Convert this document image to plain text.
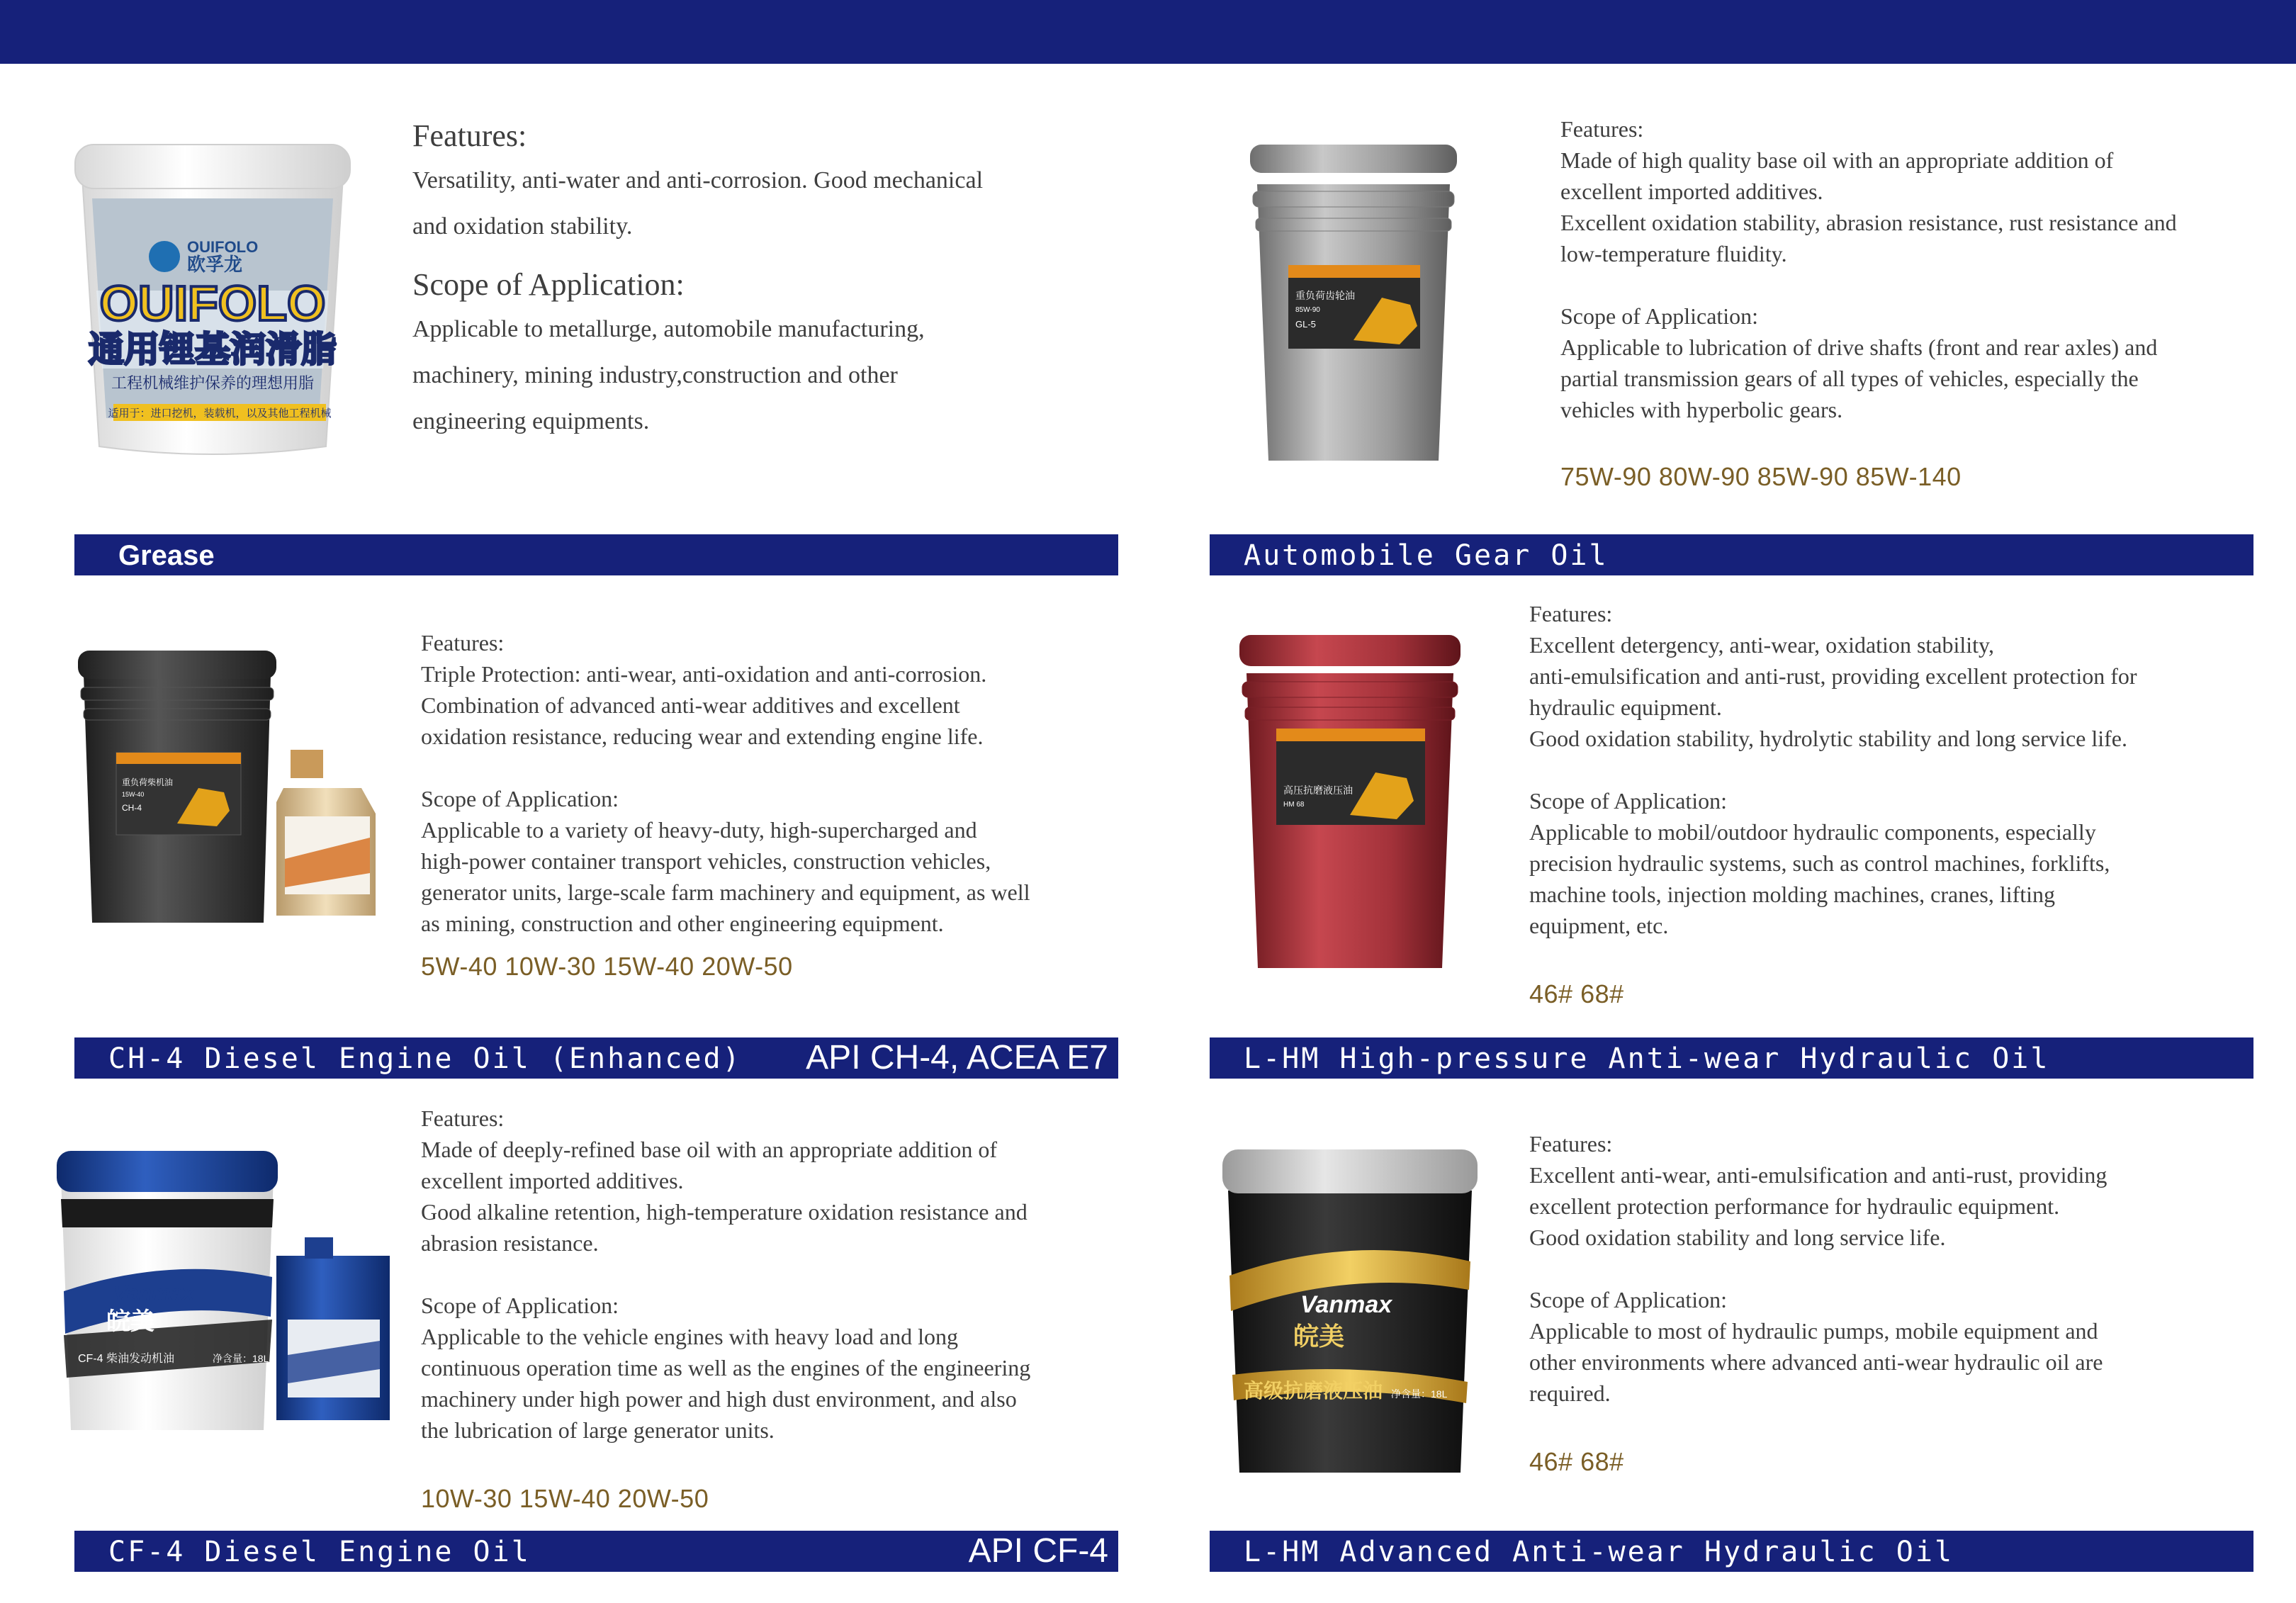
OUIFOLO
欧孚龙
OUIFOLO
通用锂基润滑脂
工程机械维护保养的理想用脂
适用于：进口挖机，装载机，以及其他工程机械

Features:

Versatility, anti-water and anti-corrosion. Good mechanical

and oxidation stability.

Scope of Application:

Applicable to metallurge, automobile manufacturing,

machinery, mining industry,construction and other

engineering equipments.

Grease
重负荷齿轮油
85W-90
GL-5

Features:

Made of high quality base oil with an appropriate addition of

excellent imported additives.

Excellent oxidation stability, abrasion resistance, rust resistance and

low-temperature fluidity.

Scope of Application:

Applicable to lubrication of drive shafts (front and rear axles) and

partial transmission gears of all types of vehicles, especially the

vehicles with hyperbolic gears.

75W-90 80W-90 85W-90 85W-140
Automobile Gear Oil
重负荷柴机油
15W-40
CH-4

Features:

Triple Protection: anti-wear, anti-oxidation and anti-corrosion.

Combination of advanced anti-wear additives and excellent

oxidation resistance, reducing wear and extending engine life.

Scope of Application:

Applicable to a variety of heavy-duty, high-supercharged and

high-power container transport vehicles, construction vehicles,

generator units, large-scale farm machinery and equipment, as well

as mining, construction and other engineering equipment.

5W-40 10W-30 15W-40 20W-50
CH-4 Diesel Engine Oil (Enhanced) API CH-4, ACEA E7
高压抗磨液压油
HM 68

Features:

Excellent detergency, anti-wear, oxidation stability,

anti-emulsification and anti-rust, providing excellent protection for

hydraulic equipment.

Good oxidation stability, hydrolytic stability and long service life.

Scope of Application:

Applicable to mobil/outdoor hydraulic components, especially

precision hydraulic systems, such as control machines, forklifts,

machine tools, injection molding machines, cranes, lifting

equipment, etc.

46# 68#
L-HM High-pressure Anti-wear Hydraulic Oil
Vanmax
皖美
CF-4 柴油发动机油	净含量：18L

Features:

Made of deeply-refined base oil with an appropriate addition of

excellent imported additives.

Good alkaline retention, high-temperature oxidation resistance and

abrasion resistance.

Scope of Application:

Applicable to the vehicle engines with heavy load and long

continuous operation time as well as the engines of the engineering

machinery under high power and high dust environment, and also

the lubrication of large generator units.

10W-30 15W-40 20W-50
CF-4 Diesel Engine Oil	API CF-4
Vanmax
皖美
高级抗磨液压油 净含量：18L

Features:

Excellent anti-wear, anti-emulsification and anti-rust, providing

excellent protection performance for hydraulic equipment.

Good oxidation stability and long service life.

Scope of Application:

Applicable to most of hydraulic pumps, mobile equipment and

other environments where advanced anti-wear hydraulic oil are

required.

46# 68#
L-HM Advanced Anti-wear Hydraulic Oil
